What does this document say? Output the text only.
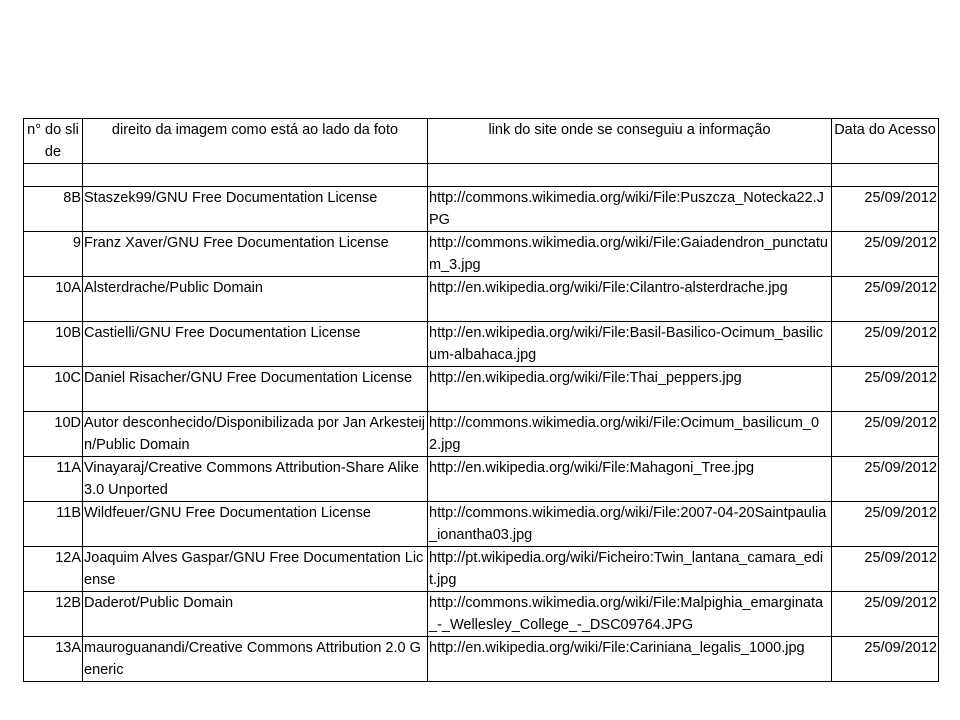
n° do slide	direito da imagem como está ao lado da foto	link do site onde se conseguiu a informação	Data do Acesso

8B	Staszek99/GNU Free Documentation License	http://commons.wikimedia.org/wiki/File:Puszcza_Notecka22.JPG	25/09/2012
9	Franz Xaver/GNU Free Documentation License	http://commons.wikimedia.org/wiki/File:Gaiadendron_punctatum_3.jpg	25/09/2012
10A	Alsterdrache/Public Domain	http://en.wikipedia.org/wiki/File:Cilantro-alsterdrache.jpg	25/09/2012
10B	Castielli/GNU Free Documentation License	http://en.wikipedia.org/wiki/File:Basil-Basilico-Ocimum_basilicum-albahaca.jpg	25/09/2012
10C	Daniel Risacher/GNU Free Documentation License	http://en.wikipedia.org/wiki/File:Thai_peppers.jpg	25/09/2012
10D	Autor desconhecido/Disponibilizada por Jan Arkesteijn/Public Domain	http://commons.wikimedia.org/wiki/File:Ocimum_basilicum_02.jpg	25/09/2012
11A	Vinayaraj/Creative Commons Attribution-Share Alike 3.0 Unported	http://en.wikipedia.org/wiki/File:Mahagoni_Tree.jpg	25/09/2012
11B	Wildfeuer/GNU Free Documentation License	http://commons.wikimedia.org/wiki/File:2007-04-20Saintpaulia_ionantha03.jpg	25/09/2012
12A	Joaquim Alves Gaspar/GNU Free Documentation License	http://pt.wikipedia.org/wiki/Ficheiro:Twin_lantana_camara_edit.jpg	25/09/2012
12B	Daderot/Public Domain	http://commons.wikimedia.org/wiki/File:Malpighia_emarginata_-_Wellesley_College_-_DSC09764.JPG	25/09/2012
13A	mauroguanandi/Creative Commons Attribution 2.0 Generic	http://en.wikipedia.org/wiki/File:Cariniana_legalis_1000.jpg	25/09/2012
